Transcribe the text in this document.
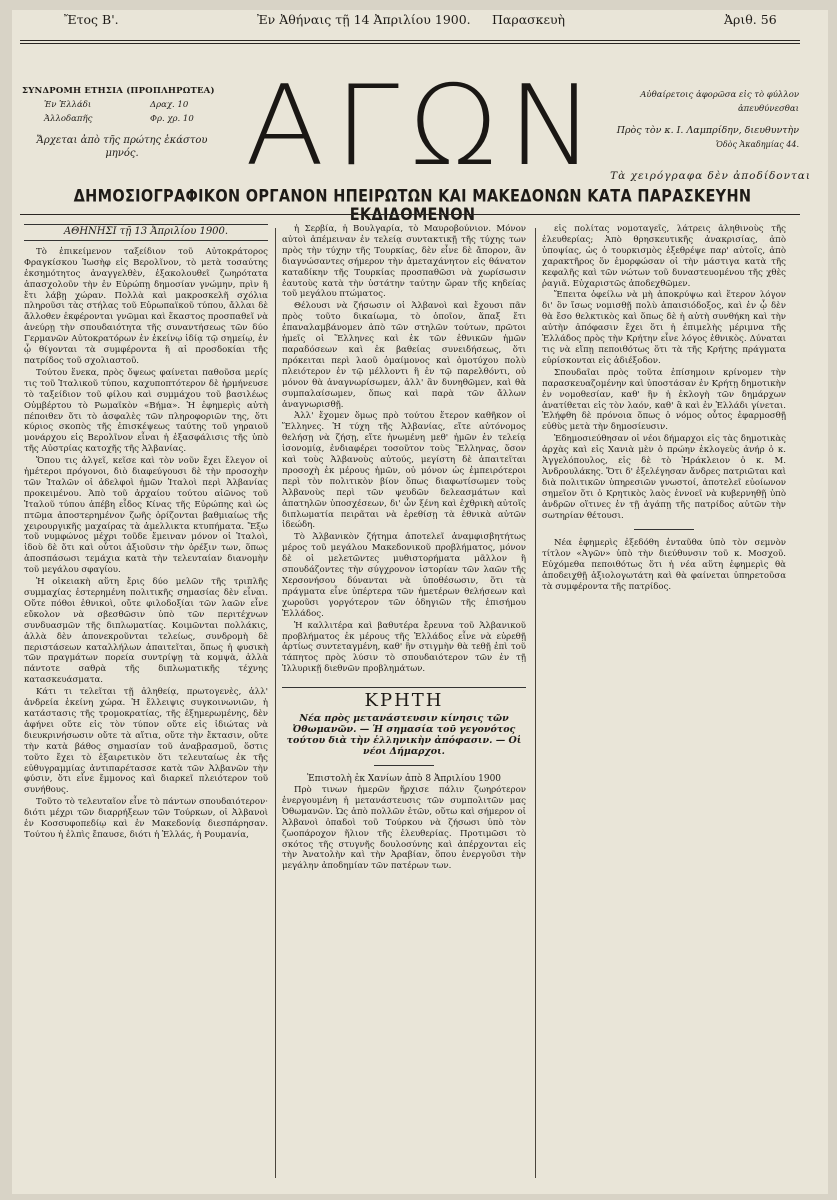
Ἔτος Β'.	Ἐν Ἀθήναις τῇ 14 Ἀπριλίου 1900. Παρασκευὴ	Ἀριθ. 56
ΣΥΝΔΡΟΜΗ ΕΤΗΣΙΑ (ΠΡΟΠΛΗΡΩΤΕΑ)
Ἐν Ἑλλάδι	Δραχ. 10
Ἀλλοδαπῆς	Φρ. χρ. 10
Ἄρχεται ἀπὸ τῆς πρώτης ἑκάστου μηνός. ΑΓΩΝ	Αὐθαίρετοις ἀφορῶσα εἰς τὸ φύλλον ἀπευθύνεσθαι
Πρὸς τὸν κ. Ι. Λαμπρίδην, διευθυντὴν
Ὁδὸς Ἀκαδημίας 44.
Τὰ χειρόγραφα δὲν ἀποδίδονται
ΔΗΜΟΣΙΟΓΡΑΦΙΚΟΝ ΟΡΓΑΝΟΝ ΗΠΕΙΡΩΤΩΝ ΚΑΙ ΜΑΚΕΔΟΝΩΝ ΚΑΤΑ ΠΑΡΑΣΚΕΥΗΝ ΕΚΔΙΔΟΜΕΝΟΝ
ΑΘΗΝΗΣΙ τῇ 13 Ἀπριλίου 1900.

Τὸ ἐπικείμενον ταξείδιον τοῦ Αὐτοκράτορος Φραγκίσκου Ἰωσὴφ εἰς Βερολῖνον, τὸ μετὰ τοσαύτης ἐκσημότητος ἀναγγελθὲν, ἐξακολουθεῖ ζωηρότατα ἀπασχολοῦν τὴν ἐν Εὐρώπῃ δημοσίαν γνώμην, πρὶν ἢ ἔτι λάβῃ χώραν. Πολλὰ καὶ μακροσκελῆ σχόλια πληροῦσι τὰς στήλας τοῦ Εὐρωπαϊκοῦ τύπου, ἄλλαι δὲ ἄλλοθεν ἐκφέρονται γνῶμαι καὶ ἕκαστος προσπαθεῖ νὰ ἀνεύρῃ τὴν σπουδαιότητα τῆς συναντήσεως τῶν δύο Γερμανῶν Αὐτοκρατόρων ἐν ἐκείνῳ ἰδίᾳ τῷ σημείῳ, ἐν ᾧ θίγονται τὰ συμφέροντα ἢ αἱ προσδοκίαι τῆς πατρίδος τοῦ σχολιαστοῦ.

Τούτου ἕνεκα, πρὸς ὄψεως φαίνεται παθοῦσα μερίς τις τοῦ Ἰταλικοῦ τύπου, καχυποπτότερον δὲ ἠρμήνευσε τὸ ταξείδιον τοῦ φίλου καὶ συμμάχου τοῦ βασιλέως Οὐμβέρτου τὸ Ρωμαϊκὸν «Βήμα». Ἡ ἐφημερὶς αὐτὴ πέποιθεν ὅτι τὸ ἀσφαλὲς τῶν πληροφοριῶν της, ὅτι κύριος σκοπὸς τῆς ἐπισκέψεως ταύτης τοῦ γηραιοῦ μονάρχου εἰς Βερολῖνον εἶναι ἡ ἐξασφάλισις τῆς ὑπὸ τῆς Αὐστρίας κατοχῆς τῆς Ἀλβανίας.

Ὅπου τις ἀλγεῖ, κεῖσε καὶ τὸν νοῦν ἔχει ἔλεγον οἱ ἡμέτεροι πρόγονοι, διὸ διαφεύγουσι δὲ τὴν προσοχὴν τῶν Ἰταλῶν οἱ ἀδελφοὶ ἡμῶν Ἰταλοὶ περὶ Ἀλβανίας προκειμένου. Ἀπὸ τοῦ ἀρχαίου τούτου αἰῶνος τοῦ Ἰταλοῦ τύπου ἀπέβη εἶδος Κίνας τῆς Εὐρώπης καὶ ὡς πτῶμα ἀποστερημένον ζωῆς ὁρίζονται βαθμιαίως τῆς χειρουργικῆς μαχαίρας τὰ ἁμελλικτα κτυπήματα. Ἔξω τοῦ νυμφώνος μέχρι τοῦδε ἔμειναν μόνον οἱ Ἰταλοὶ, ἰδοὺ δὲ ὅτι καὶ οὗτοι ἀξιοῦσιν τὴν ὀρέξιν των, ὅπως ἀποσπάσωσι τεμάχια κατὰ τὴν τελευταίαν διανομὴν τοῦ μεγάλου σφαγίου.

Ἡ οἰκειακὴ αὕτη ἔρις δύο μελῶν τῆς τριπλῆς συμμαχίας ἐστερημένη πολιτικῆς σημασίας δὲν εἶναι. Οὔτε πόθοι ἐθνικοὶ, οὔτε φιλοδοξίαι τῶν λαῶν εἶνε εὔκολον νὰ σβεσθῶσιν ὑπὸ τῶν περιτέχνων συνδυασμῶν τῆς διπλωματίας. Κοιμῶνται πολλάκις, ἀλλὰ δὲν ἀπονεκροῦνται τελείως, συνδρομὴ δὲ περιστάσεων καταλλήλων ἀπαιτεῖται, ὅπως ἡ φυσικὴ τῶν πραγμάτων πορεία συντρίψῃ τὰ κομψὰ, ἀλλὰ πάντοτε σαθρὰ τῆς διπλωματικῆς τέχνης κατασκευάσματα.

Κάτι τι τελεῖται τῇ ἀληθείᾳ, πρωτογενὲς, ἀλλ' ἀνδρεία ἐκείνη χώρα. Ἡ ἔλλειψις συγκοινωνιῶν, ἡ κατάστασις τῆς τρομοκρατίας, τῆς ἐξημερωμένης, δὲν ἀφήνει οὔτε εἰς τὸν τύπον οὔτε εἰς ἰδιώτας νὰ διευκρινήσωσιν οὔτε τὰ αἴτια, οὔτε τὴν ἔκτασιν, οὔτε τὴν κατὰ βάθος σημασίαν τοῦ ἀναβρασμοῦ, ὅστις τοῦτο ἔχει τὸ ἐξαιρετικὸν ὅτι τελευταίως ἐκ τῆς εὐθυγραμμίας ἀντιπαρέτασσε κατὰ τῶν Ἀλβανῶν τὴν φύσιν, ὅτι εἶνε ἔμμονος καὶ διαρκεῖ πλειότερον τοῦ συνήθους.

Τοῦτο τὸ τελευταῖον εἶνε τὸ πάντων σπουδαιότερον· διότι μέχρι τῶν διαρρήξεων τῶν Τούρκων, οἱ Ἀλβανοὶ ἐν Κοσσυφοπεδίῳ καὶ ἐν Μακεδονίᾳ διεσπάρησαν. Τούτου ἡ ἐλπὶς ἔπαυσε, διότι ἡ Ἑλλάς, ἡ Ρουμανία,

ἡ Σερβία, ἡ Βουλγαρία, τὸ Μαυροβούνιον. Μόνον αὐτοὶ ἀπέμειναν ἐν τελείᾳ συντακτικῇ τῆς τύχης των πρὸς τὴν τύχην τῆς Τουρκίας, δὲν εἶνε δὲ ἄπορον, ἂν διαγνώσαντες σήμερον τὴν ἀμεταχάνητον εἰς θάνατον καταδίκην τῆς Τουρκίας προσπαθῶσι νὰ χωρίσωσιν ἑαυτοὺς κατὰ τὴν ὑστάτην ταύτην ὥραν τῆς κηδείας τοῦ μεγάλου πτώματος.

Θέλουσι νὰ ζήσωσιν οἱ Ἀλβανοὶ καὶ ἔχουσι πᾶν πρὸς τοῦτο δικαίωμα, τὸ ὁποῖον, ἅπαξ ἔτι ἐπαναλαμβάνομεν ἀπὸ τῶν στηλῶν τούτων, πρῶτοι ἡμεῖς οἱ Ἕλληνες καὶ ἐκ τῶν ἐθνικῶν ἡμῶν παραδόσεων καὶ ἐκ βαθείας συνειδήσεως, ὅτι πρόκειται περὶ λαοῦ ὁμαίμονος καὶ ὁμοτύχου πολὺ πλειότερον ἐν τῷ μέλλοντι ἢ ἐν τῷ παρελθόντι, οὐ μόνον θὰ ἀναγνωρίσωμεν, ἀλλ' ἂν δυνηθῶμεν, καὶ θὰ συμπαλαίσωμεν, ὅπως καὶ παρὰ τῶν ἄλλων ἀναγνωρισθῇ.

Ἀλλ' ἔχομεν ὅμως πρὸ τούτου ἕτερον καθῆκον οἱ Ἕλληνες. Ἡ τύχη τῆς Ἀλβανίας, εἴτε αὐτόνομος θελήσῃ νὰ ζήσῃ, εἴτε ἡνωμένη μεθ' ἡμῶν ἐν τελείᾳ ἰσονομίᾳ, ἐνδιαφέρει τοσοῦτον τοὺς Ἕλληνας, ὅσον καὶ τοὺς Ἀλβανοὺς αὐτούς, μεγίστη δὲ ἀπαιτεῖται προσοχὴ ἐκ μέρους ἡμῶν, οὐ μόνον ὡς ἐμπειρότεροι περὶ τὸν πολιτικὸν βίον ὅπως διαφωτίσωμεν τοὺς Ἀλβανοὺς περὶ τῶν ψευδῶν δελεασμάτων καὶ ἀπατηλῶν ὑποσχέσεων, δι' ὧν ξένη καὶ ἐχθρικὴ αὐτοῖς διπλωματία πειρᾶται νὰ ἐρεθίσῃ τὰ ἐθνικὰ αὐτῶν ἰδεώδη.

Τὸ Ἀλβανικὸν ζήτημα ἀποτελεῖ ἀναμφισβητήτως μέρος τοῦ μεγάλου Μακεδονικοῦ προβλήματος, μόνον δὲ οἱ μελετῶντες μυθιστορήματα μᾶλλον ἢ σπουδάζοντες τὴν σύγχρονον ἱστορίαν τῶν λαῶν τῆς Χερσονήσου δύνανται νὰ ὑποθέσωσιν, ὅτι τὰ πράγματα εἶνε ὑπέρτερα τῶν ἡμετέρων θελήσεων καὶ χωροῦσι γοργότερον τῶν ὁδηγιῶν τῆς ἐπισήμου Ἑλλάδος.

Ἡ καλλιτέρα καὶ βαθυτέρα ἔρευνα τοῦ Ἀλβανικοῦ προβλήματος ἐκ μέρους τῆς Ἑλλάδος εἶνε νὰ εὑρεθῇ ἀρτίως συντεταγμένη, καθ' ἣν στιγμὴν θὰ τεθῇ ἐπὶ τοῦ τάπητος πρὸς λύσιν τὸ σπουδαιότερον τῶν ἐν τῇ Ἰλλυρικῇ διεθνῶν προβλημάτων.

ΚΡΗΤΗ
Νέα πρὸς μετανάστευσιν κίνησις τῶν Ὀθωμανῶν. — Ἡ σημασία τοῦ γεγονότος τούτου διὰ τὴν ἑλληνικὴν ἀπόφασιν. — Οἱ νέοι Δήμαρχοι.
Ἐπιστολὴ ἐκ Χανίων ἀπὸ 8 Ἀπριλίου 1900

Πρὸ τινων ἡμερῶν ἤρχισε πάλιν ζωηρότερον ἐνεργουμένη ἡ μετανάστευσις τῶν συμπολιτῶν μας Ὀθωμανῶν. Ὡς ἀπὸ πολλῶν ἐτῶν, οὕτω καὶ σήμερον οἱ Ἀλβανοὶ ὁπαδοὶ τοῦ Τούρκου νὰ ζήσωσι ὑπὸ τὸν ζωοπάροχον ἥλιον τῆς ἐλευθερίας. Προτιμῶσι τὸ σκότος τῆς στυγνῆς δουλοσύνης καὶ ἀπέρχονται εἰς τὴν Ἀνατολὴν καὶ τὴν Ἀραβίαν, ὅπου ἐνεργοῦσι τὴν μεγάλην ἀποδημίαν τῶν πατέρων των.

εἰς πολίτας νομοταγεῖς, λάτρεις ἀληθινοὺς τῆς ἐλευθερίας; Ἀπὸ θρησκευτικῆς ἀνακρισίας, ἀπὸ ὑποψίας, ὡς ὁ τουρκισμὸς ἐξεθρέψε παρ' αὐτοῖς, ἀπὸ χαρακτῆρος ὅν ἐμορφώσαν οἱ τὴν μάστιγα κατὰ τῆς κεφαλῆς καὶ τῶν νώτων τοῦ δυναστευομένου τῆς χθὲς ῥαγιᾶ. Εὐχαριστῶς ἀποδεχθῶμεν.

Ἔπειτα ὀφείλω νὰ μὴ ἀποκρύψω καὶ ἕτερον λόγον δι' ὃν ἴσως νομισθῇ πολὺ ἀπαισιόδοξος, καὶ ἐν ᾧ δὲν θὰ ἔσο θελκτικὸς καὶ ὅπως δὲ ἡ αὐτὴ συνθήκη καὶ τὴν αὐτὴν ἀπόφασιν ἔχει ὅτι ἡ ἐπιμελὴς μέριμνα τῆς Ἑλλάδος πρὸς τὴν Κρήτην εἶνε λόγος ἐθνικὸς. Δύναται τις νὰ εἴπῃ πεποιθότως ὅτι τὰ τῆς Κρήτης πράγματα εὑρίσκονται εἰς ἀδιέξοδον.

Σπουδαῖαι πρὸς τοῦτα ἐπίσημοιν κρίνομεν τὴν παρασκευαζομένην καὶ ὑποστάσαν ἐν Κρήτῃ δημοτικὴν ἐν νομοθεσίαν, καθ' ἣν ἡ ἐκλογὴ τῶν δημάρχων ἀνατίθεται εἰς τὸν λαόν, καθ' ἃ καὶ ἐν Ἑλλάδι γίνεται. Ἐλήφθη δὲ πρόνοια ὅπως ὁ νόμος οὗτος ἐφαρμοσθῇ εὐθὺς μετὰ τὴν δημοσίευσιν.

Ἐδημοσιεύθησαν οἱ νέοι δήμαρχοι εἰς τὰς δημοτικὰς ἀρχὰς καὶ εἰς Χανιὰ μὲν ὁ πρώην ἐκλογεὺς ἀνήρ ὁ κ. Ἀγγελόπουλος, εἰς δὲ τὸ Ἡράκλειον ὁ κ. Μ. Ἀνδρουλάκης. Ὅτι δ' ἐξελέγησαν ἄνδρες πατριῶται καὶ διὰ πολιτικῶν ὑπηρεσιῶν γνωστοί, ἀποτελεῖ εὐοίωνον σημεῖον ὅτι ὁ Κρητικὸς λαὸς ἐννοεῖ νὰ κυβερνηθῇ ὑπὸ ἀνδρῶν οἵτινες ἐν τῇ ἀγάπῃ τῆς πατρίδος αὐτῶν τὴν σωτηρίαν θέτουσι.

Νέα ἐφημερὶς ἐξεδόθη ἐνταῦθα ὑπὸ τὸν σεμνὸν τίτλον «Ἀγῶν» ὑπὸ τὴν διεύθυνσιν τοῦ κ. Μοσχοῦ. Εὐχόμεθα πεποιθότως ὅτι ἡ νέα αὕτη ἐφημερὶς θὰ ἀποδειχθῇ ἀξιολογωτάτη καὶ θὰ φαίνεται ὑπηρετοῦσα τὰ συμφέροντα τῆς πατρίδος.
